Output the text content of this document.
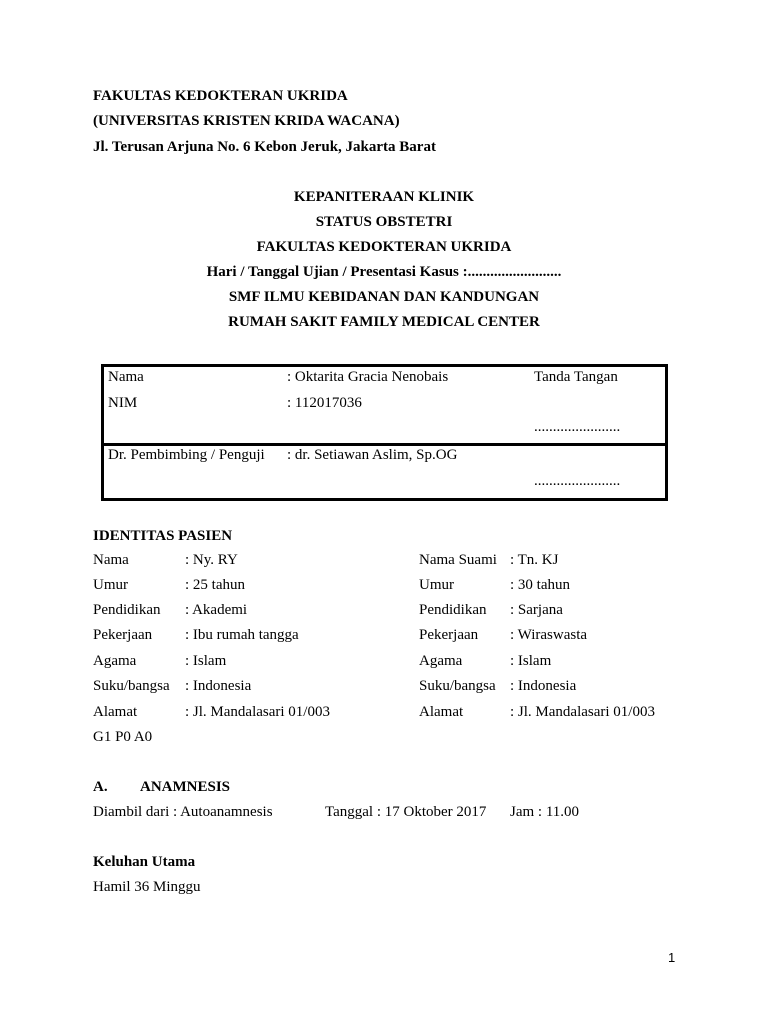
FAKULTAS KEDOKTERAN UKRIDA
(UNIVERSITAS KRISTEN KRIDA WACANA)
Jl. Terusan Arjuna No. 6 Kebon Jeruk, Jakarta Barat
KEPANITERAAN KLINIK
STATUS OBSTETRI
FAKULTAS KEDOKTERAN UKRIDA
Hari / Tanggal Ujian / Presentasi Kasus :.........................
SMF ILMU KEBIDANAN DAN KANDUNGAN
RUMAH SAKIT FAMILY MEDICAL CENTER
Nama	: Oktarita Gracia Nenobais	Tanda Tangan
NIM	: 112017036
.......................
Dr. Pembimbing / Penguji : dr. Setiawan Aslim, Sp.OG
.......................
IDENTITAS PASIEN
Nama	: Ny. RY	Nama Suami : Tn. KJ
Umur	: 25 tahun	Umur	: 30 tahun
Pendidikan : Akademi	Pendidikan : Sarjana
Pekerjaan : Ibu rumah tangga	Pekerjaan : Wiraswasta
Agama	: Islam	Agama	: Islam
Suku/bangsa : Indonesia	Suku/bangsa : Indonesia
Alamat	: Jl. Mandalasari 01/003	Alamat	: Jl. Mandalasari 01/003
G1 P0 A0
A. ANAMNESIS
Diambil dari : Autoanamnesis	Tanggal : 17 Oktober 2017 Jam : 11.00
Keluhan Utama
Hamil 36 Minggu
1
